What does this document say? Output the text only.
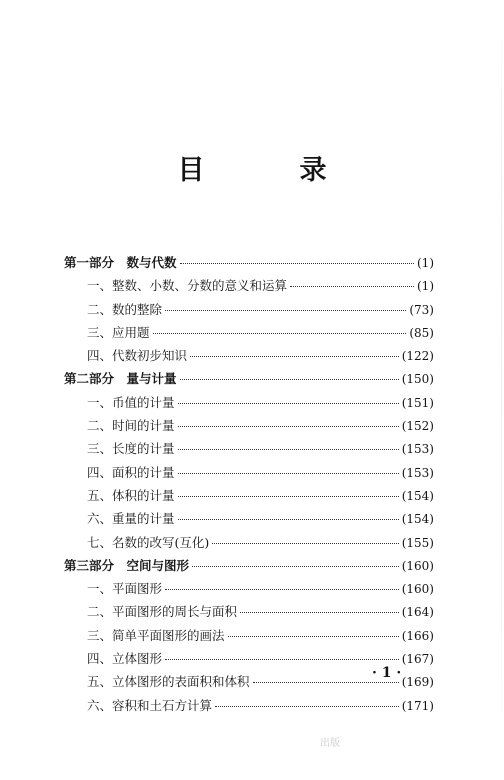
目　录
第一部分　数与代数	(1)
一、整数、小数、分数的意义和运算	(1)
二、数的整除	(73)
三、应用题	(85)
四、代数初步知识	(122)
第二部分　量与计量	(150)
一、币值的计量	(151)
二、时间的计量	(152)
三、长度的计量	(153)
四、面积的计量	(153)
五、体积的计量	(154)
六、重量的计量	(154)
七、名数的改写(互化)	(155)
第三部分　空间与图形	(160)
一、平面图形	(160)
二、平面图形的周长与面积	(164)
三、简单平面图形的画法	(166)
四、立体图形	(167)
五、立体图形的表面积和体积	(169)
六、容积和土石方计算	(171)
· 1 ·
出版
